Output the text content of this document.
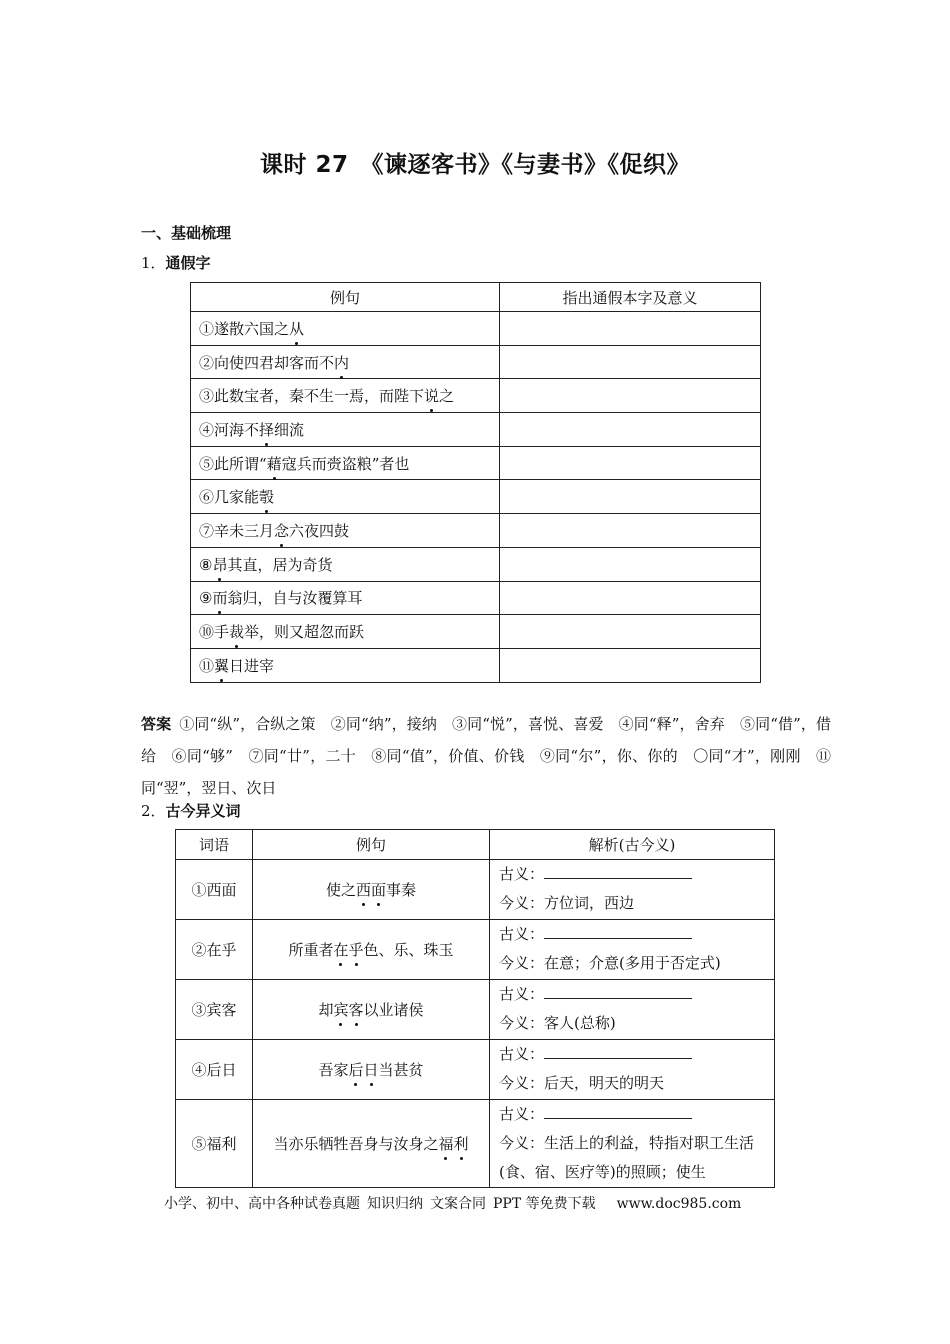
课时 27　《谏逐客书》《与妻书》《促织》
一、基础梳理
1．通假字
例句	指出通假本字及意义
①遂散六国之从	
②向使四君却客而不内	
③此数宝者，秦不生一焉，而陛下说之	
④河海不择细流	
⑤此所谓“藉寇兵而赍盗粮”者也	
⑥几家能彀	
⑦辛未三月念六夜四鼓	
⑧昂其直，居为奇货	
⑨而翁归，自与汝覆算耳	
⑩手裁举，则又超忽而跃	
⑪翼日进宰	
答案 ①同“纵”，合纵之策　②同“纳”，接纳　③同“悦”，喜悦、喜爱　④同“释”，舍弃　⑤同“借”，借给　⑥同“够”　⑦同“廿”，二十　⑧同“值”，价值、价钱　⑨同“尔”，你、你的　〇同“才”，刚刚　⑪同“翌”，翌日、次日
2．古今异义词
词语	例句	解析(古今义)
①西面	使之西面事秦	古义：
今义：方位词，西边

②在乎	所重者在乎色、乐、珠玉	古义：
今义：在意；介意(多用于否定式)

③宾客	却宾客以业诸侯	古义：
今义：客人(总称)

④后日	吾家后日当甚贫	古义：
今义：后天，明天的明天

⑤福利	当亦乐牺牲吾身与汝身之福利	古义：
今义：生活上的利益，特指对职工生活(食、宿、医疗等)的照顾；使生
小学、初中、高中各种试卷真题 知识归纳 文案合同 PPT 等免费下载 www.doc985.com
